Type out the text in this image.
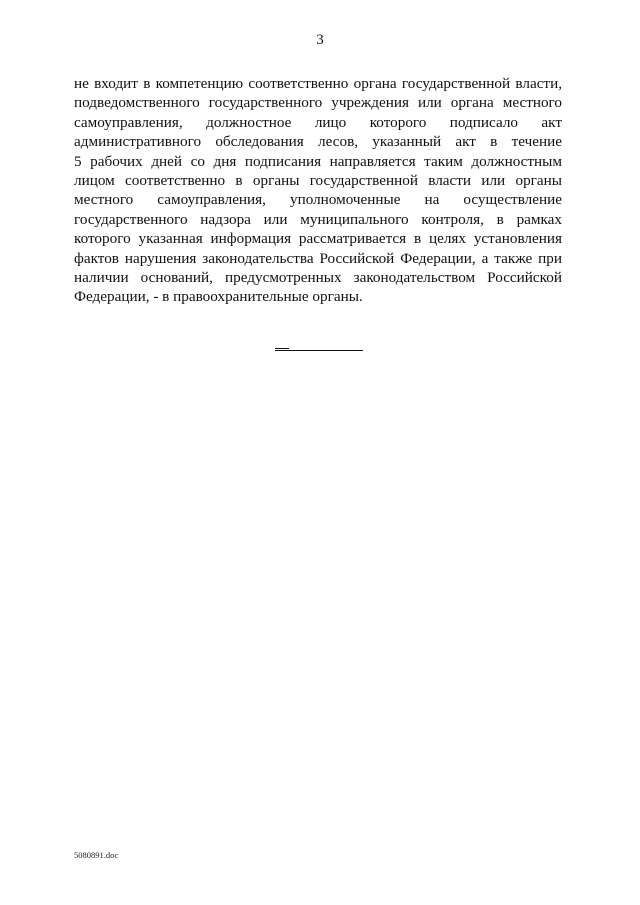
3
не входит в компетенцию соответственно органа государственной власти,
подведомственного государственного учреждения или органа местного
самоуправления, должностное лицо которого подписало акт
административного обследования лесов, указанный акт в течение
5 рабочих дней со дня подписания направляется таким должностным
лицом соответственно в органы государственной власти или органы
местного самоуправления, уполномоченные на осуществление
государственного надзора или муниципального контроля, в рамках
которого указанная информация рассматривается в целях установления
фактов нарушения законодательства Российской Федерации, а также при
наличии оснований, предусмотренных законодательством Российской
Федерации, - в правоохранительные органы.
5080891.doc
